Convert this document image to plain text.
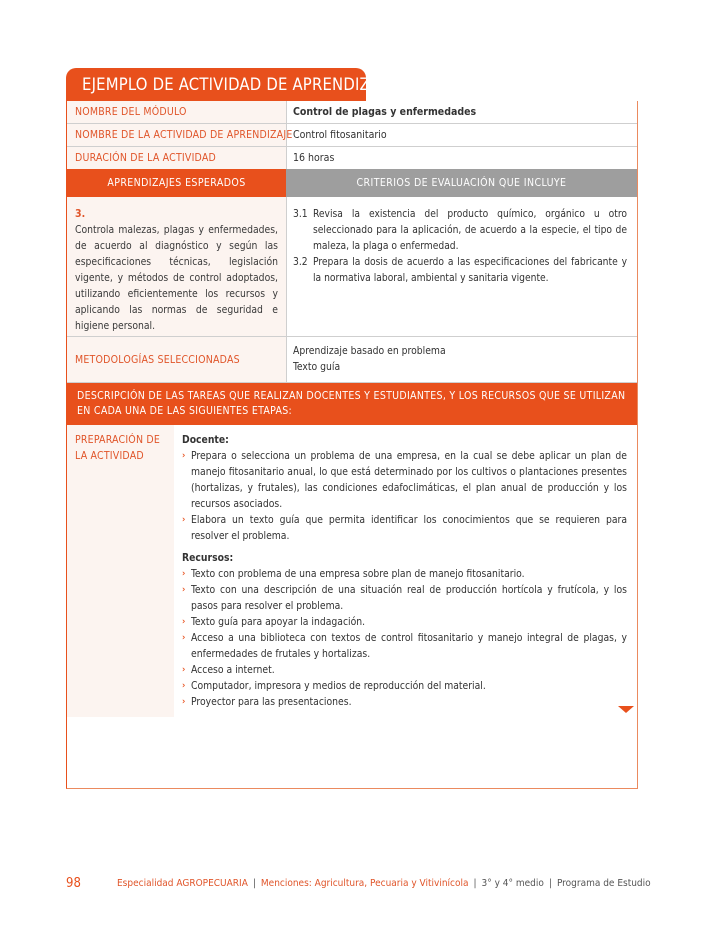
EJEMPLO DE ACTIVIDAD DE APRENDIZAJE
NOMBRE DEL MÓDULO	Control de plagas y enfermedades
NOMBRE DE LA ACTIVIDAD DE APRENDIZAJE Control fitosanitario
DURACIÓN DE LA ACTIVIDAD	16 horas
APRENDIZAJES ESPERADOS	CRITERIOS DE EVALUACIÓN QUE INCLUYE
3.
Controla malezas, plagas y enfermedades, de acuerdo al diagnóstico y según las especificaciones técnicas, legislación vigente, y métodos de control adoptados, utilizando eficientemente los recursos y aplicando las normas de seguridad e higiene personal.
3.1 Revisa la existencia del producto químico, orgánico u otro seleccionado para la aplicación, de acuerdo a la especie, el tipo de maleza, la plaga o enfermedad.
3.2 Prepara la dosis de acuerdo a las especificaciones del fabricante y la normativa laboral, ambiental y sanitaria vigente.
METODOLOGÍAS SELECCIONADAS
Aprendizaje basado en problema
Texto guía
DESCRIPCIÓN DE LAS TAREAS QUE REALIZAN DOCENTES Y ESTUDIANTES, Y LOS RECURSOS QUE SE UTILIZAN EN CADA UNA DE LAS SIGUIENTES ETAPAS:
PREPARACIÓN DE LA ACTIVIDAD
Docente:
› Prepara o selecciona un problema de una empresa, en la cual se debe aplicar un plan de manejo fitosanitario anual, lo que está determinado por los cultivos o plantaciones presentes (hortalizas, y frutales), las condiciones edafoclimáticas, el plan anual de producción y los recursos asociados.
› Elabora un texto guía que permita identificar los conocimientos que se requieren para resolver el problema.
Recursos:
› Texto con problema de una empresa sobre plan de manejo fitosanitario.
› Texto con una descripción de una situación real de producción hortícola y frutícola, y los pasos para resolver el problema.
› Texto guía para apoyar la indagación.
› Acceso a una biblioteca con textos de control fitosanitario y manejo integral de plagas, y enfermedades de frutales y hortalizas.
› Acceso a internet.
› Computador, impresora y medios de reproducción del material.
› Proyector para las presentaciones.
98	Especialidad AGROPECUARIA | Menciones: Agricultura, Pecuaria y Vitivinícola | 3° y 4° medio | Programa de Estudio
